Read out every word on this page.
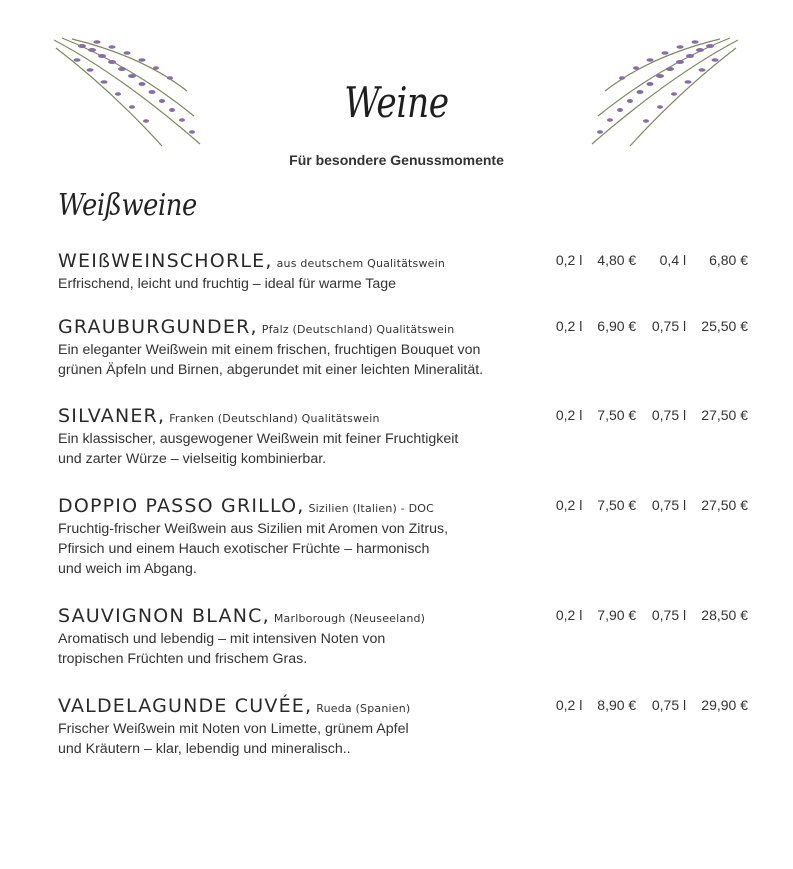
Weine
Für besondere Genussmomente
Weißweine
WEIßWEINSCHORLE, aus deutschem Qualitätswein
Erfrischend, leicht und fruchtig – ideal für warme Tage
0,2 l 4,80 € 0,4 l 6,80 €
GRAUBURGUNDER, Pfalz (Deutschland) Qualitätswein
Ein eleganter Weißwein mit einem frischen, fruchtigen Bouquet von
grünen Äpfeln und Birnen, abgerundet mit einer leichten Mineralität.
0,2 l 6,90 € 0,75 l 25,50 €
SILVANER, Franken (Deutschland) Qualitätswein
Ein klassischer, ausgewogener Weißwein mit feiner Fruchtigkeit
und zarter Würze – vielseitig kombinierbar.
0,2 l 7,50 € 0,75 l 27,50 €
DOPPIO PASSO GRILLO, Sizilien (Italien) - DOC
Fruchtig-frischer Weißwein aus Sizilien mit Aromen von Zitrus,
Pfirsich und einem Hauch exotischer Früchte – harmonisch
und weich im Abgang.
0,2 l 7,50 € 0,75 l 27,50 €
SAUVIGNON BLANC, Marlborough (Neuseeland)
Aromatisch und lebendig – mit intensiven Noten von
tropischen Früchten und frischem Gras.
0,2 l 7,90 € 0,75 l 28,50 €
VALDELAGUNDE CUVÉE, Rueda (Spanien)
Frischer Weißwein mit Noten von Limette, grünem Apfel
und Kräutern – klar, lebendig und mineralisch..
0,2 l 8,90 € 0,75 l 29,90 €
